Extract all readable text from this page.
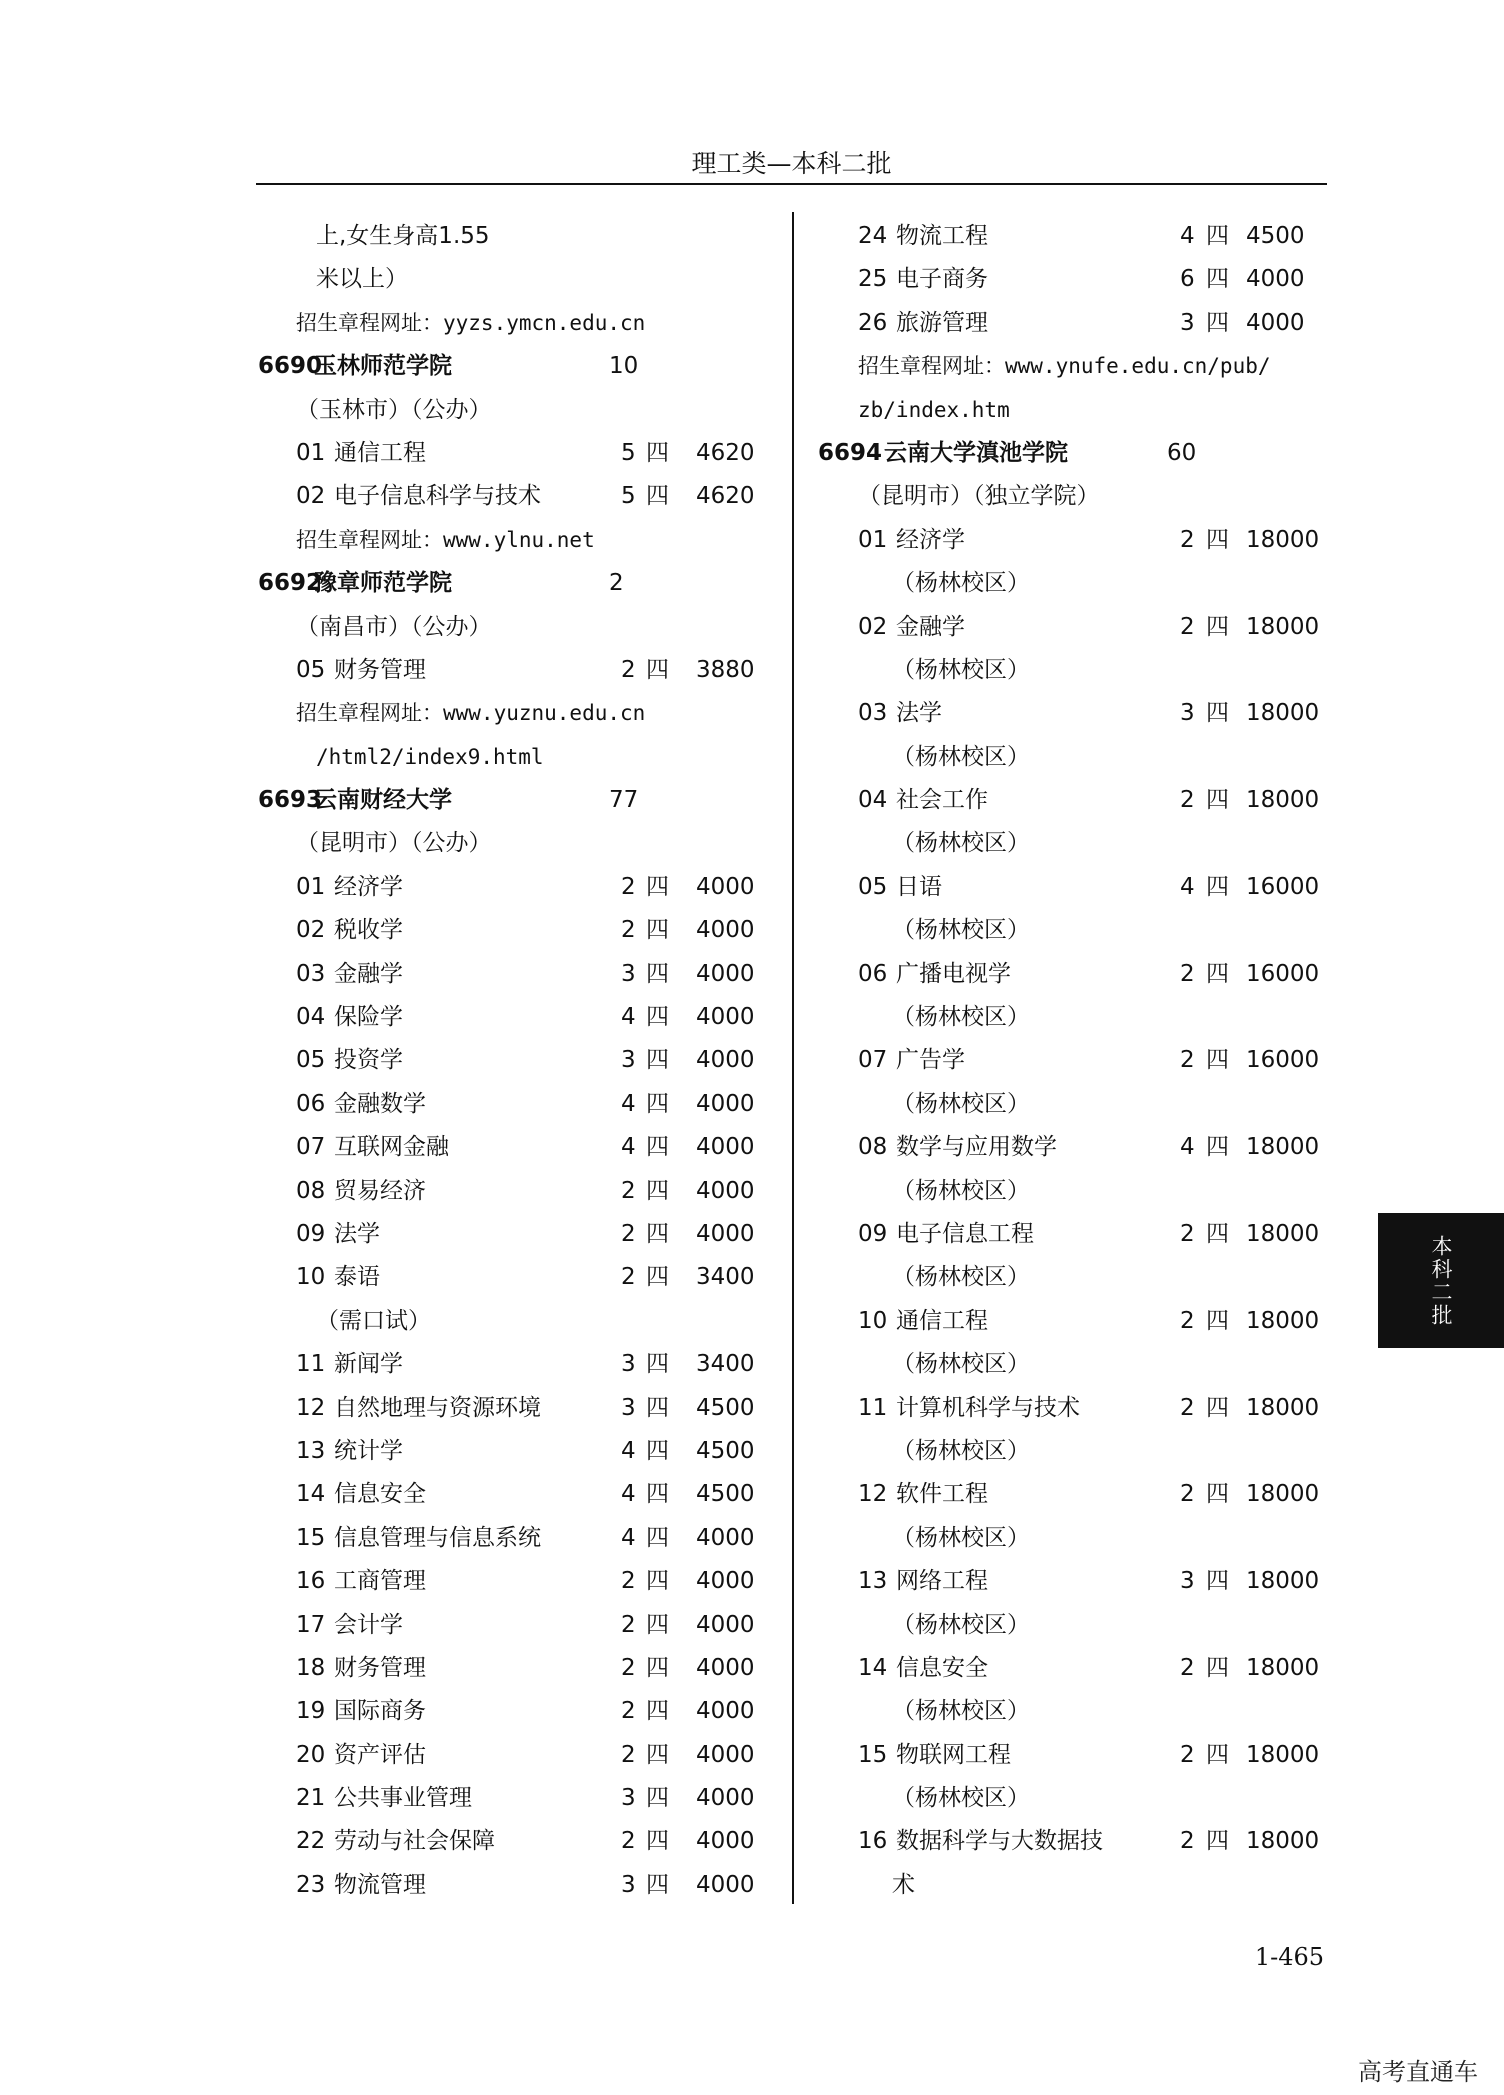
理工类—本科二批
上,女生身高1.55
米以上）
招生章程网址：yyzs.ymcn.edu.cn
6690
玉林师范学院	10
（玉林市）（公办）
01 通信工程	5 四 4620
02 电子信息科学与技术	5 四 4620
招生章程网址：www.ylnu.net
6692
豫章师范学院	2
（南昌市）（公办）
05 财务管理	2 四 3880
招生章程网址：www.yuznu.edu.cn
/html2/index9.html
6693
云南财经大学	77
（昆明市）（公办）
01 经济学	2 四 4000
02 税收学	2 四 4000
03 金融学	3 四 4000
04 保险学	4 四 4000
05 投资学	3 四 4000
06 金融数学	4 四 4000
07 互联网金融	4 四 4000
08 贸易经济	2 四 4000
09 法学	2 四 4000
10 泰语	2 四 3400
（需口试）
11 新闻学	3 四 3400
12 自然地理与资源环境	3 四 4500
13 统计学	4 四 4500
14 信息安全	4 四 4500
15 信息管理与信息系统	4 四 4000
16 工商管理	2 四 4000
17 会计学	2 四 4000
18 财务管理	2 四 4000
19 国际商务	2 四 4000
20 资产评估	2 四 4000
21 公共事业管理	3 四 4000
22 劳动与社会保障	2 四 4000
23 物流管理	3 四 4000
24 物流工程	4 四 4500
25 电子商务	6 四 4000
26 旅游管理	3 四 4000
招生章程网址：www.ynufe.edu.cn/pub/
zb/index.htm
6694 云南大学滇池学院	60
（昆明市）（独立学院）
01 经济学	2 四 18000
（杨林校区）
02 金融学	2 四 18000
（杨林校区）
03 法学	3 四 18000
（杨林校区）
04 社会工作	2 四 18000
（杨林校区）
05 日语	4 四 16000
（杨林校区）
06 广播电视学	2 四 16000
（杨林校区）
07 广告学	2 四 16000
（杨林校区）
08 数学与应用数学	4 四 18000
（杨林校区）
09 电子信息工程	2 四 18000
（杨林校区）
10 通信工程	2 四 18000
（杨林校区）
11 计算机科学与技术	2 四 18000
（杨林校区）
12 软件工程	2 四 18000
（杨林校区）
13 网络工程	3 四 18000
（杨林校区）
14 信息安全	2 四 18000
（杨林校区）
15 物联网工程	2 四 18000
（杨林校区）
16 数据科学与大数据技	2 四 18000
术
本科二批
1-465
高考直通车
